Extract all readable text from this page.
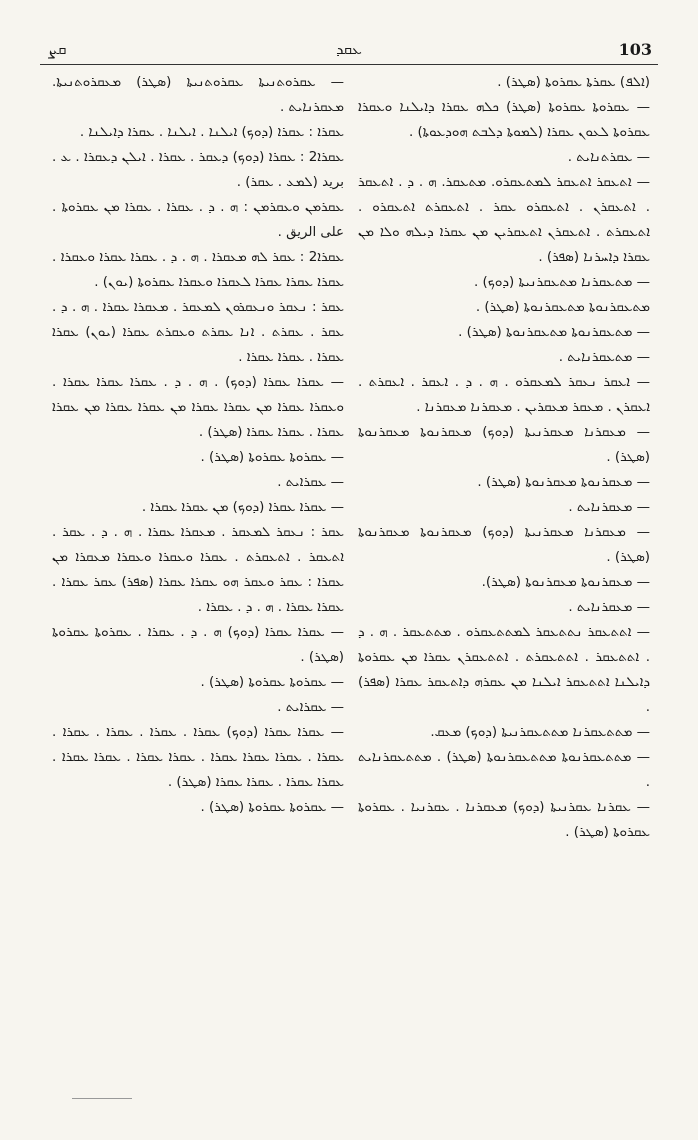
ܩܨ	ܥܩܕ	103

(ܐܠܦ) ܥܩܪܬܐ ܥܩܪܘܬܐ (ܣܛܪ) .

— ܥܩܪܘܬܐ ܥܩܪܘܬܐ (ܣܛܪ) ܟܠܗ ܥܩܪܐ ܕܐܝܠܢܐ ܘܥܩܪܐ ܥܩܪܘܬܐ ܠܥܘܢ ܥܩܪܐ (ܠܡܘܬܐ ܕܠܒܬ ܗܘܕܥܘܬܐ) .

— ܥܩܪܬܢܐܝܬ .

— ܐܬܥܩܪ ܐܬܥܩܪ ܠܡܬܥܩܪܘ. ܡܬܥܩܪ. ܗ . ܕ . ܐܬܥܩܪ . ܐܬܥܩܪܢ . ܐܬܥܩܪܘ ܥܩܪ . ܐܬܥܩܪܬ ܐܬܥܩܪܘ . ܐܬܥܩܪܬ . ܐܬܥܩܪܢ ܐܬܥܩܪܝܢ ܡܢ ܥܩܪܐ ܕܝܠܗ ܘܠܐ ܡܢ ܥܩܪܐ ܕܐܚܪܢܐ (ܣܦܪ) .

— ܡܬܥܩܪܢܐ ܡܬܥܩܪܢܝܬܐ (ܕܘܟ) .

ܡܬܥܩܪܢܘܬܐ ܡܬܥܩܪܢܘܬܐ (ܣܛܪ) .

— ܡܬܥܩܪܢܘܬܐ ܡܬܥܩܪܢܘܬܐ (ܣܛܪ) .

— ܡܬܥܩܪܢܐܝܬ .

— ܐܥܩܪ ܢܥܩܪ ܠܡܥܩܪܘ . ܗ . ܕ . ܐܥܩܪ . ܐܥܩܪܬ . ܐܥܩܪܢ . ܡܥܩܪ ܡܥܩܪܝܢ . ܡܥܩܪܢܐ ܡܥܩܪܢܐ .

— ܡܥܩܪܢܐ ܡܥܩܪܢܝܬܐ (ܕܘܟ) ܡܥܩܪܢܘܬܐ ܡܥܩܪܢܘܬܐ (ܣܛܪ) .

— ܡܥܩܪܢܘܬܐ ܡܥܩܪܢܘܬܐ (ܣܛܪ) .

— ܡܥܩܪܢܐܝܬ .

— ܡܥܩܪܢܐ ܡܥܩܪܢܝܬܐ (ܕܘܟ) ܡܥܩܪܢܘܬܐ ܡܥܩܪܢܘܬܐ (ܣܛܪ) .

— ܡܥܩܪܢܘܬܐ ܡܥܩܪܢܘܬܐ (ܣܛܪ).

— ܡܥܩܪܢܐܝܬ .

— ܐܬܬܥܩܪ ܢܬܬܥܩܪ ܠܡܬܬܥܩܪܘ . ܡܬܬܥܩܪ . ܗ . ܕ . ܐܬܬܥܩܪ . ܐܬܬܥܩܪܬ . ܐܬܬܥܩܪܢ ܥܩܪܐ ܡܢ ܥܩܪܘܬܐ ܕܐܝܠܢܐ ܐܬܬܥܩܪ ܐܝܠܢܐ ܡܢ ܥܩܪܗ ܕܐܬܥܩܪ ܥܩܪܐ (ܣܦܪ) .

— ܡܬܬܥܩܪܢܐ ܡܬܬܥܩܪܢܝܬܐ (ܕܘܟ) ܡܥܩ.

— ܡܬܬܥܩܪܢܘܬܐ ܡܬܬܥܩܪܢܘܬܐ (ܣܛܪ) . ܡܬܬܥܩܪܢܐܝܬ .

— ܥܩܪܢܐ ܥܩܪܢܝܬܐ (ܕܘܟ) ܡܥܩܪܢܐ . ܥܩܪܢܝܐ . ܥܩܪܘܬܐ ܥܩܪܘܬܐ (ܣܛܪ) .

— ܥܩܪܘܬܢܝܬܐ ܥܩܪܘܬܢܝܬܐ (ܣܛܪ) ܡܥܩܪܘܬܢܝܬܐ. ܡܥܩܪܢܐܝܬ .

ܥܩܪܐ : ܥܩܪܐ (ܕܘܟ) ܐܝܠܢܐ . ܐܝܠܢܐ . ܥܩܪܐ ܕܐܝܠܢܐ .

ܥܩܪܐ2 : ܥܩܪܐ (ܕܘܟ) ܕܥܩܪ . ܥܩܪܐ . ܐܝܠܢ ܕܥܩܪܐ . ܥ . بريد (ܠܡܥ . ܥܩܪ) .

ܥܩܪܡܢ ܘܥܩܪܡܢ : ܗ . ܕ . ܥܩܪܐ . ܥܩܪܐ ܡܢ ܥܩܪܘܬܐ . على الريق .

ܥܩܪܐ2 : ܥܩܪ ܠܗ ܡܥܩܪܐ . ܗ . ܕ . ܥܩܪܐ ܥܩܪܐ ܘܥܩܪܐ . ܥܩܪܐ ܥܩܪܐ ܥܩܪܐ ܠܥܩܪܐ ܘܥܩܪܐ ܥܩܪܘܬܐ (ܝܘܢ) .

ܥܩܪ : ܢܥܩܪ ܘܢܥܩܪܘܢ ܠܡܥܩܪ . ܡܥܩܪܐ ܥܩܪܐ . ܗ . ܕ . ܥܩܪ . ܥܩܪܬ . ܐܢܐ ܥܩܪܬ ܘܥܩܪܬ ܥܩܪܐ (ܝܘܢ) ܥܩܪܐ ܥܩܪܐ . ܥܩܪܐ ܥܩܪܐ .

— ܥܩܪܐ ܥܩܪܐ (ܕܘܟ) . ܗ . ܕ . ܥܩܪܐ ܥܩܪܐ ܥܩܪܐ . ܘܥܩܪܐ ܥܩܪܐ ܡܢ ܥܩܪܐ ܥܩܪܐ ܡܢ ܥܩܪܐ ܥܩܪܐ ܡܢ ܥܩܪܐ ܥܩܪܐ . ܥܩܪܐ ܥܩܪܐ (ܣܛܪ) .

— ܥܩܪܘܬܐ ܥܩܪܘܬܐ (ܣܛܪ) .

— ܥܩܪܐܝܬ .

— ܥܩܪܐ ܥܩܪܐ (ܕܘܟ) ܡܢ ܥܩܪܐ ܥܩܪܐ .

ܥܩܪ : ܢܥܩܪ ܠܡܥܩܪ . ܡܥܩܪܐ ܥܩܪܐ . ܗ . ܕ . ܥܩܪ . ܐܬܥܩܪ . ܐܬܥܩܪܬ . ܥܩܪܐ ܘܥܩܪܐ ܘܥܩܪܐ ܡܥܩܪܐ ܡܢ ܥܩܪܐ : ܥܩܪ ܘܥܩܪ ܗܘ ܥܩܪܐ ܥܩܪܐ (ܣܦܪ) ܥܩܪ ܥܩܪܐ . ܥܩܪܐ ܥܩܪܐ . ܗ . ܕ . ܥܩܪܐ .

— ܥܩܪܐ ܥܩܪܐ (ܕܘܟ) ܗ . ܕ . ܥܩܪܐ . ܥܩܪܘܬܐ ܥܩܪܘܬܐ (ܣܛܪ) .

— ܥܩܪܘܬܐ ܥܩܪܘܬܐ (ܣܛܪ) .

— ܥܩܪܐܝܬ .

— ܥܩܪܐ ܥܩܪܐ (ܕܘܟ) ܥܩܪܐ . ܥܩܪܐ . ܥܩܪܐ . ܥܩܪܐ . ܥܩܪܐ . ܥܩܪܐ ܥܩܪܐ ܥܩܪܐ . ܥܩܪܐ ܥܩܪܐ . ܥܩܪܐ ܥܩܪܐ . ܥܩܪܐ ܥܩܪܐ . ܥܩܪܐ ܥܩܪܐ (ܣܛܪ) .

— ܥܩܪܘܬܐ ܥܩܪܘܬܐ (ܣܛܪ) .
